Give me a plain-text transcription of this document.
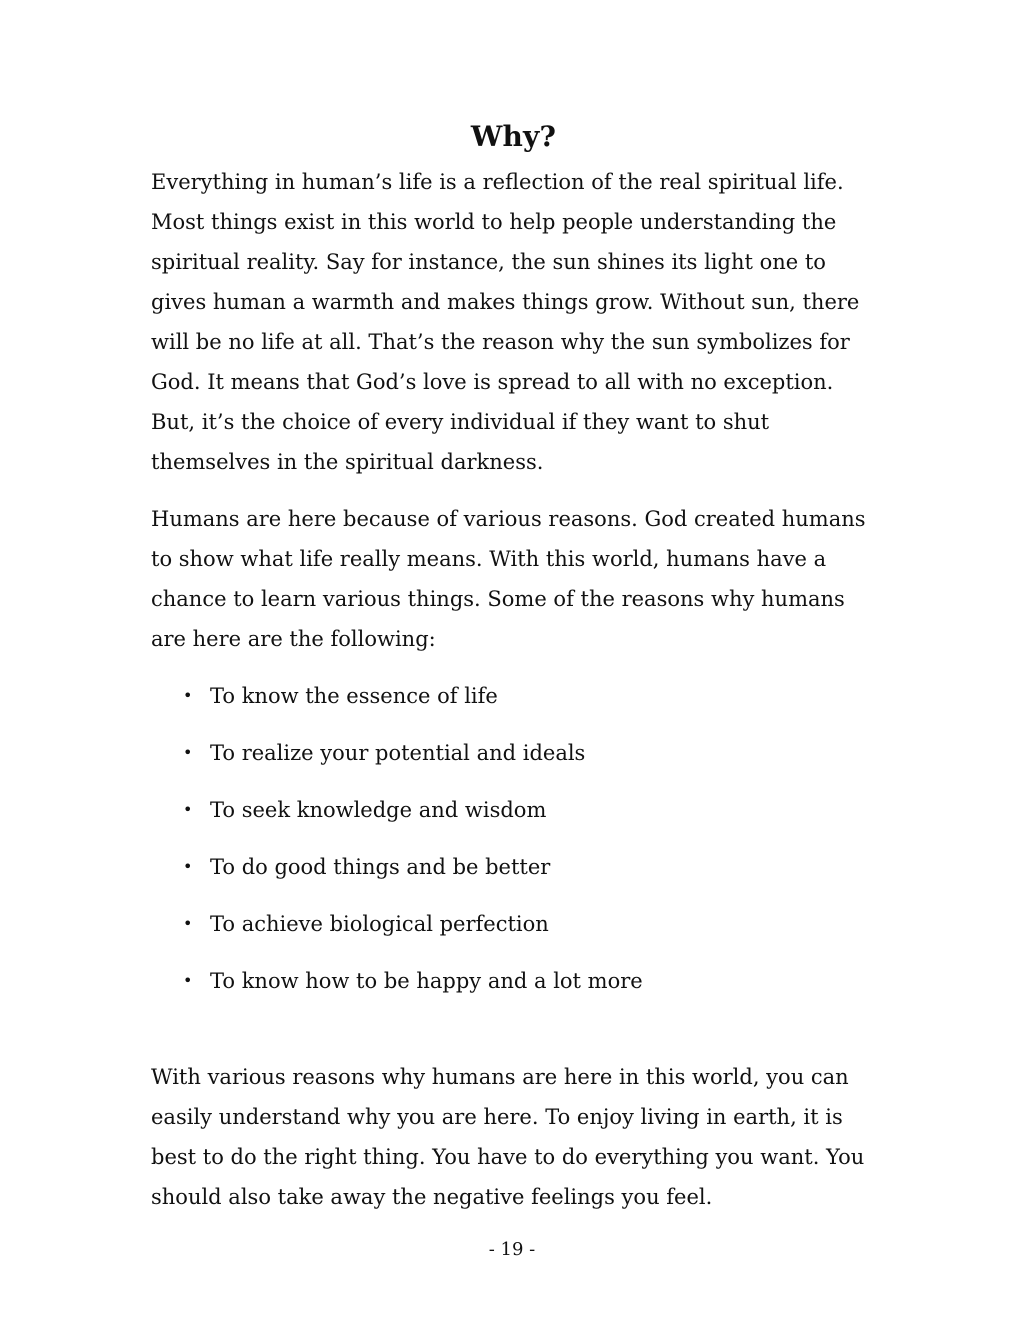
Why?

Everything in human’s life is a reflection of the real spiritual life. Most things exist in this world to help people understanding the spiritual reality. Say for instance, the sun shines its light one to gives human a warmth and makes things grow. Without sun, there will be no life at all. That’s the reason why the sun symbolizes for God. It means that God’s love is spread to all with no exception. But, it’s the choice of every individual if they want to shut themselves in the spiritual darkness.

Humans are here because of various reasons. God created humans to show what life really means. With this world, humans have a chance to learn various things. Some of the reasons why humans are here are the following:

• To know the essence of life
• To realize your potential and ideals
• To seek knowledge and wisdom
• To do good things and be better
• To achieve biological perfection
• To know how to be happy and a lot more

With various reasons why humans are here in this world, you can easily understand why you are here. To enjoy living in earth, it is best to do the right thing. You have to do everything you want. You should also take away the negative feelings you feel.

- 19 -
